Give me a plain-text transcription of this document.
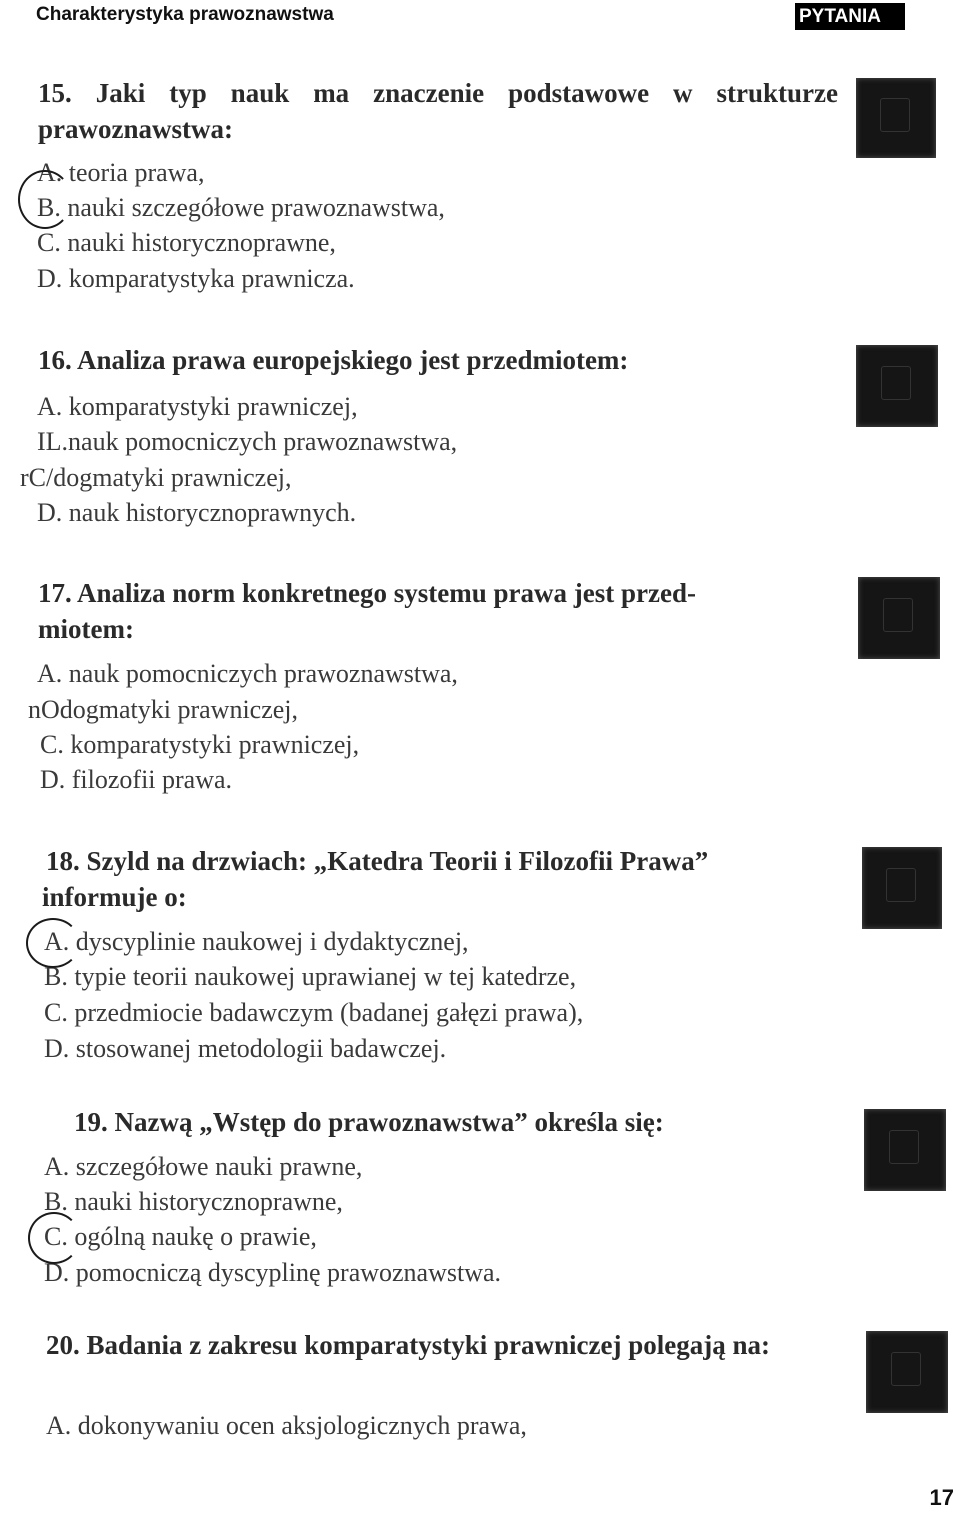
Charakterystyka prawoznawstwa	PYTANIA

15. Jaki typ nauk ma znaczenie podstawowe w strukturze prawoznawstwa:

A. teoria prawa,

B. nauki szczegółowe prawoznawstwa,

C. nauki historycznoprawne,

D. komparatystyka prawnicza.

16. Analiza prawa europejskiego jest przedmiotem:

A. komparatystyki prawniczej,

IL.nauk pomocniczych prawoznawstwa,

rC/dogmatyki prawniczej,

D. nauk historycznoprawnych.

17. Analiza norm konkretnego systemu prawa jest przed-

miotem:

A. nauk pomocniczych prawoznawstwa,

nOdogmatyki prawniczej,

C. komparatystyki prawniczej,

D. filozofii prawa.

18. Szyld na drzwiach: „Katedra Teorii i Filozofii Prawa”

informuje o:

A. dyscyplinie naukowej i dydaktycznej,

B. typie teorii naukowej uprawianej w tej katedrze,

C. przedmiocie badawczym (badanej gałęzi prawa),

D. stosowanej metodologii badawczej.

19. Nazwą „Wstęp do prawoznawstwa” określa się:

A. szczegółowe nauki prawne,

B. nauki historycznoprawne,

C. ogólną naukę o prawie,

D. pomocniczą dyscyplinę prawoznawstwa.

20. Badania z zakresu komparatystyki prawniczej polegają na:

A. dokonywaniu ocen aksjologicznych prawa,

17
